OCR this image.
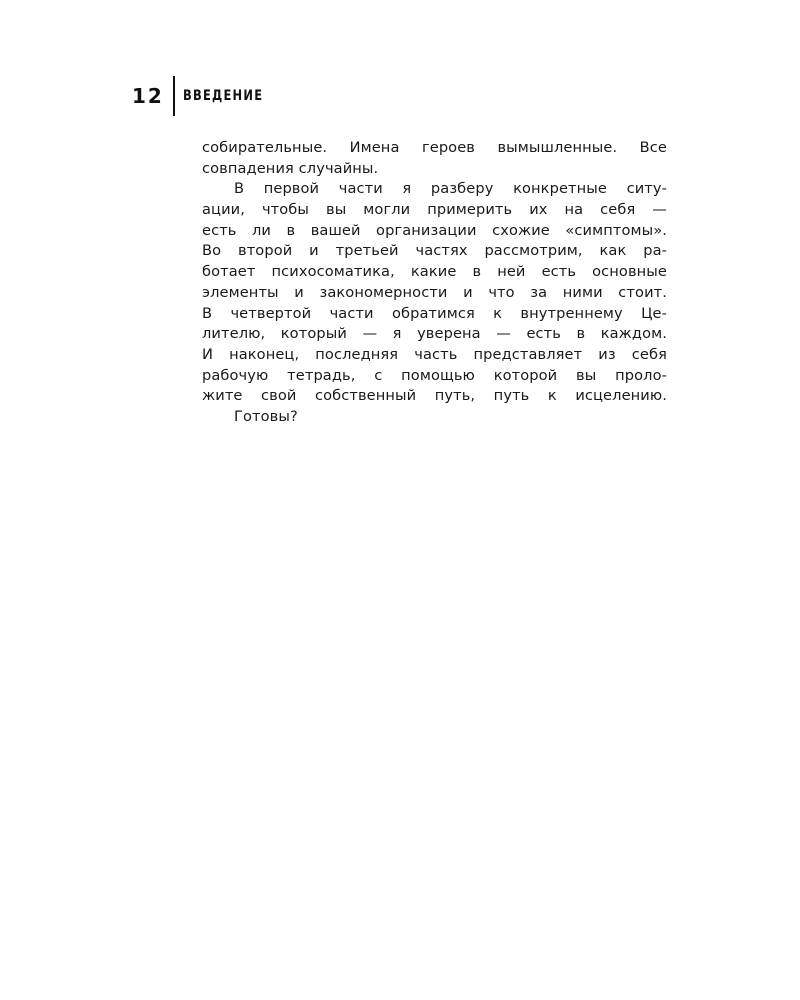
12 ВВЕДЕНИЕ
собирательные. Имена героев вымышленные. Все
совпадения случайны.
В первой части я разберу конкретные ситу-
ации, чтобы вы могли примерить их на себя —
есть ли в вашей организации схожие «симптомы».
Во второй и третьей частях рассмотрим, как ра-
ботает психосоматика, какие в ней есть основные
элементы и закономерности и что за ними стоит.
В четвертой части обратимся к внутреннему Це-
лителю, который — я уверена — есть в каждом.
И наконец, последняя часть представляет из себя
рабочую тетрадь, с помощью которой вы проло-
жите свой собственный путь, путь к исцелению.
Готовы?
